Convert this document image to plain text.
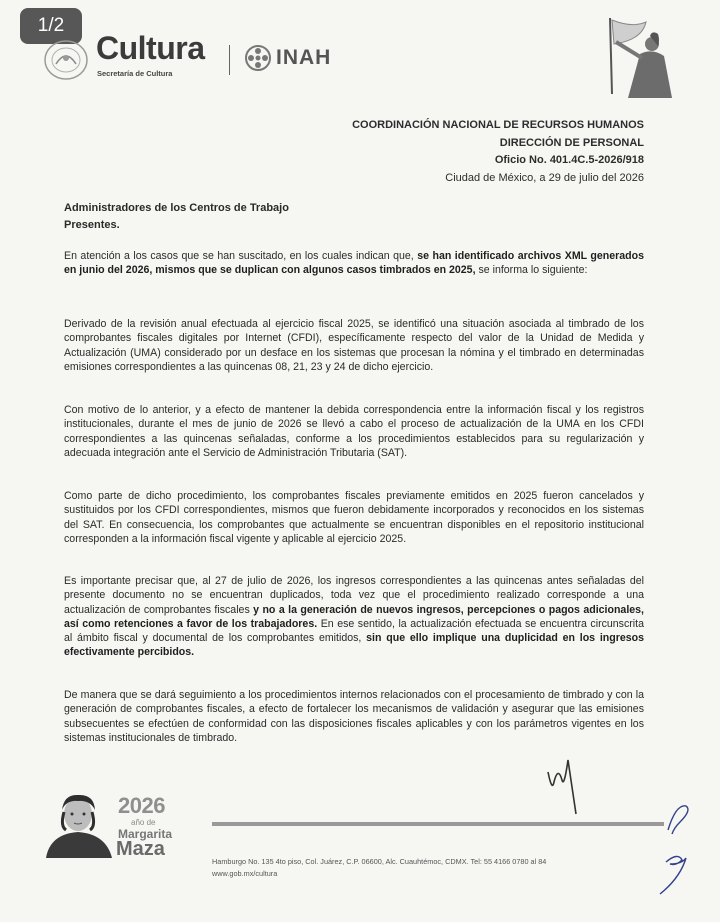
1/2
Cultura
Secretaría de Cultura
INAH
COORDINACIÓN NACIONAL DE RECURSOS HUMANOS
DIRECCIÓN DE PERSONAL
Oficio No. 401.4C.5-2026/918
Ciudad de México, a 29 de julio del 2026
Administradores de los Centros de Trabajo
Presentes.
En atención a los casos que se han suscitado, en los cuales indican que, se han identificado archivos XML generados en junio del 2026, mismos que se duplican con algunos casos timbrados en 2025, se informa lo siguiente:
Derivado de la revisión anual efectuada al ejercicio fiscal 2025, se identificó una situación asociada al timbrado de los comprobantes fiscales digitales por Internet (CFDI), específicamente respecto del valor de la Unidad de Medida y Actualización (UMA) considerado por un desface en los sistemas que procesan la nómina y el timbrado en determinadas emisiones correspondientes a las quincenas 08, 21, 23 y 24 de dicho ejercicio.
Con motivo de lo anterior, y a efecto de mantener la debida correspondencia entre la información fiscal y los registros institucionales, durante el mes de junio de 2026 se llevó a cabo el proceso de actualización de la UMA en los CFDI correspondientes a las quincenas señaladas, conforme a los procedimientos establecidos para su regularización y adecuada integración ante el Servicio de Administración Tributaria (SAT).
Como parte de dicho procedimiento, los comprobantes fiscales previamente emitidos en 2025 fueron cancelados y sustituidos por los CFDI correspondientes, mismos que fueron debidamente incorporados y reconocidos en los sistemas del SAT. En consecuencia, los comprobantes que actualmente se encuentran disponibles en el repositorio institucional corresponden a la información fiscal vigente y aplicable al ejercicio 2025.
Es importante precisar que, al 27 de julio de 2026, los ingresos correspondientes a las quincenas antes señaladas del presente documento no se encuentran duplicados, toda vez que el procedimiento realizado corresponde a una actualización de comprobantes fiscales y no a la generación de nuevos ingresos, percepciones o pagos adicionales, así como retenciones a favor de los trabajadores. En ese sentido, la actualización efectuada se encuentra circunscrita al ámbito fiscal y documental de los comprobantes emitidos, sin que ello implique una duplicidad en los ingresos efectivamente percibidos.
De manera que se dará seguimiento a los procedimientos internos relacionados con el procesamiento de timbrado y con la generación de comprobantes fiscales, a efecto de fortalecer los mecanismos de validación y asegurar que las emisiones subsecuentes se efectúen de conformidad con las disposiciones fiscales aplicables y con los parámetros vigentes en los sistemas institucionales de timbrado.
2026
año de
Margarita
Maza
Hamburgo No. 135 4to piso, Col. Juárez, C.P. 06600, Alc. Cuauhtémoc, CDMX. Tel: 55 4166 0780 al 84
www.gob.mx/cultura
